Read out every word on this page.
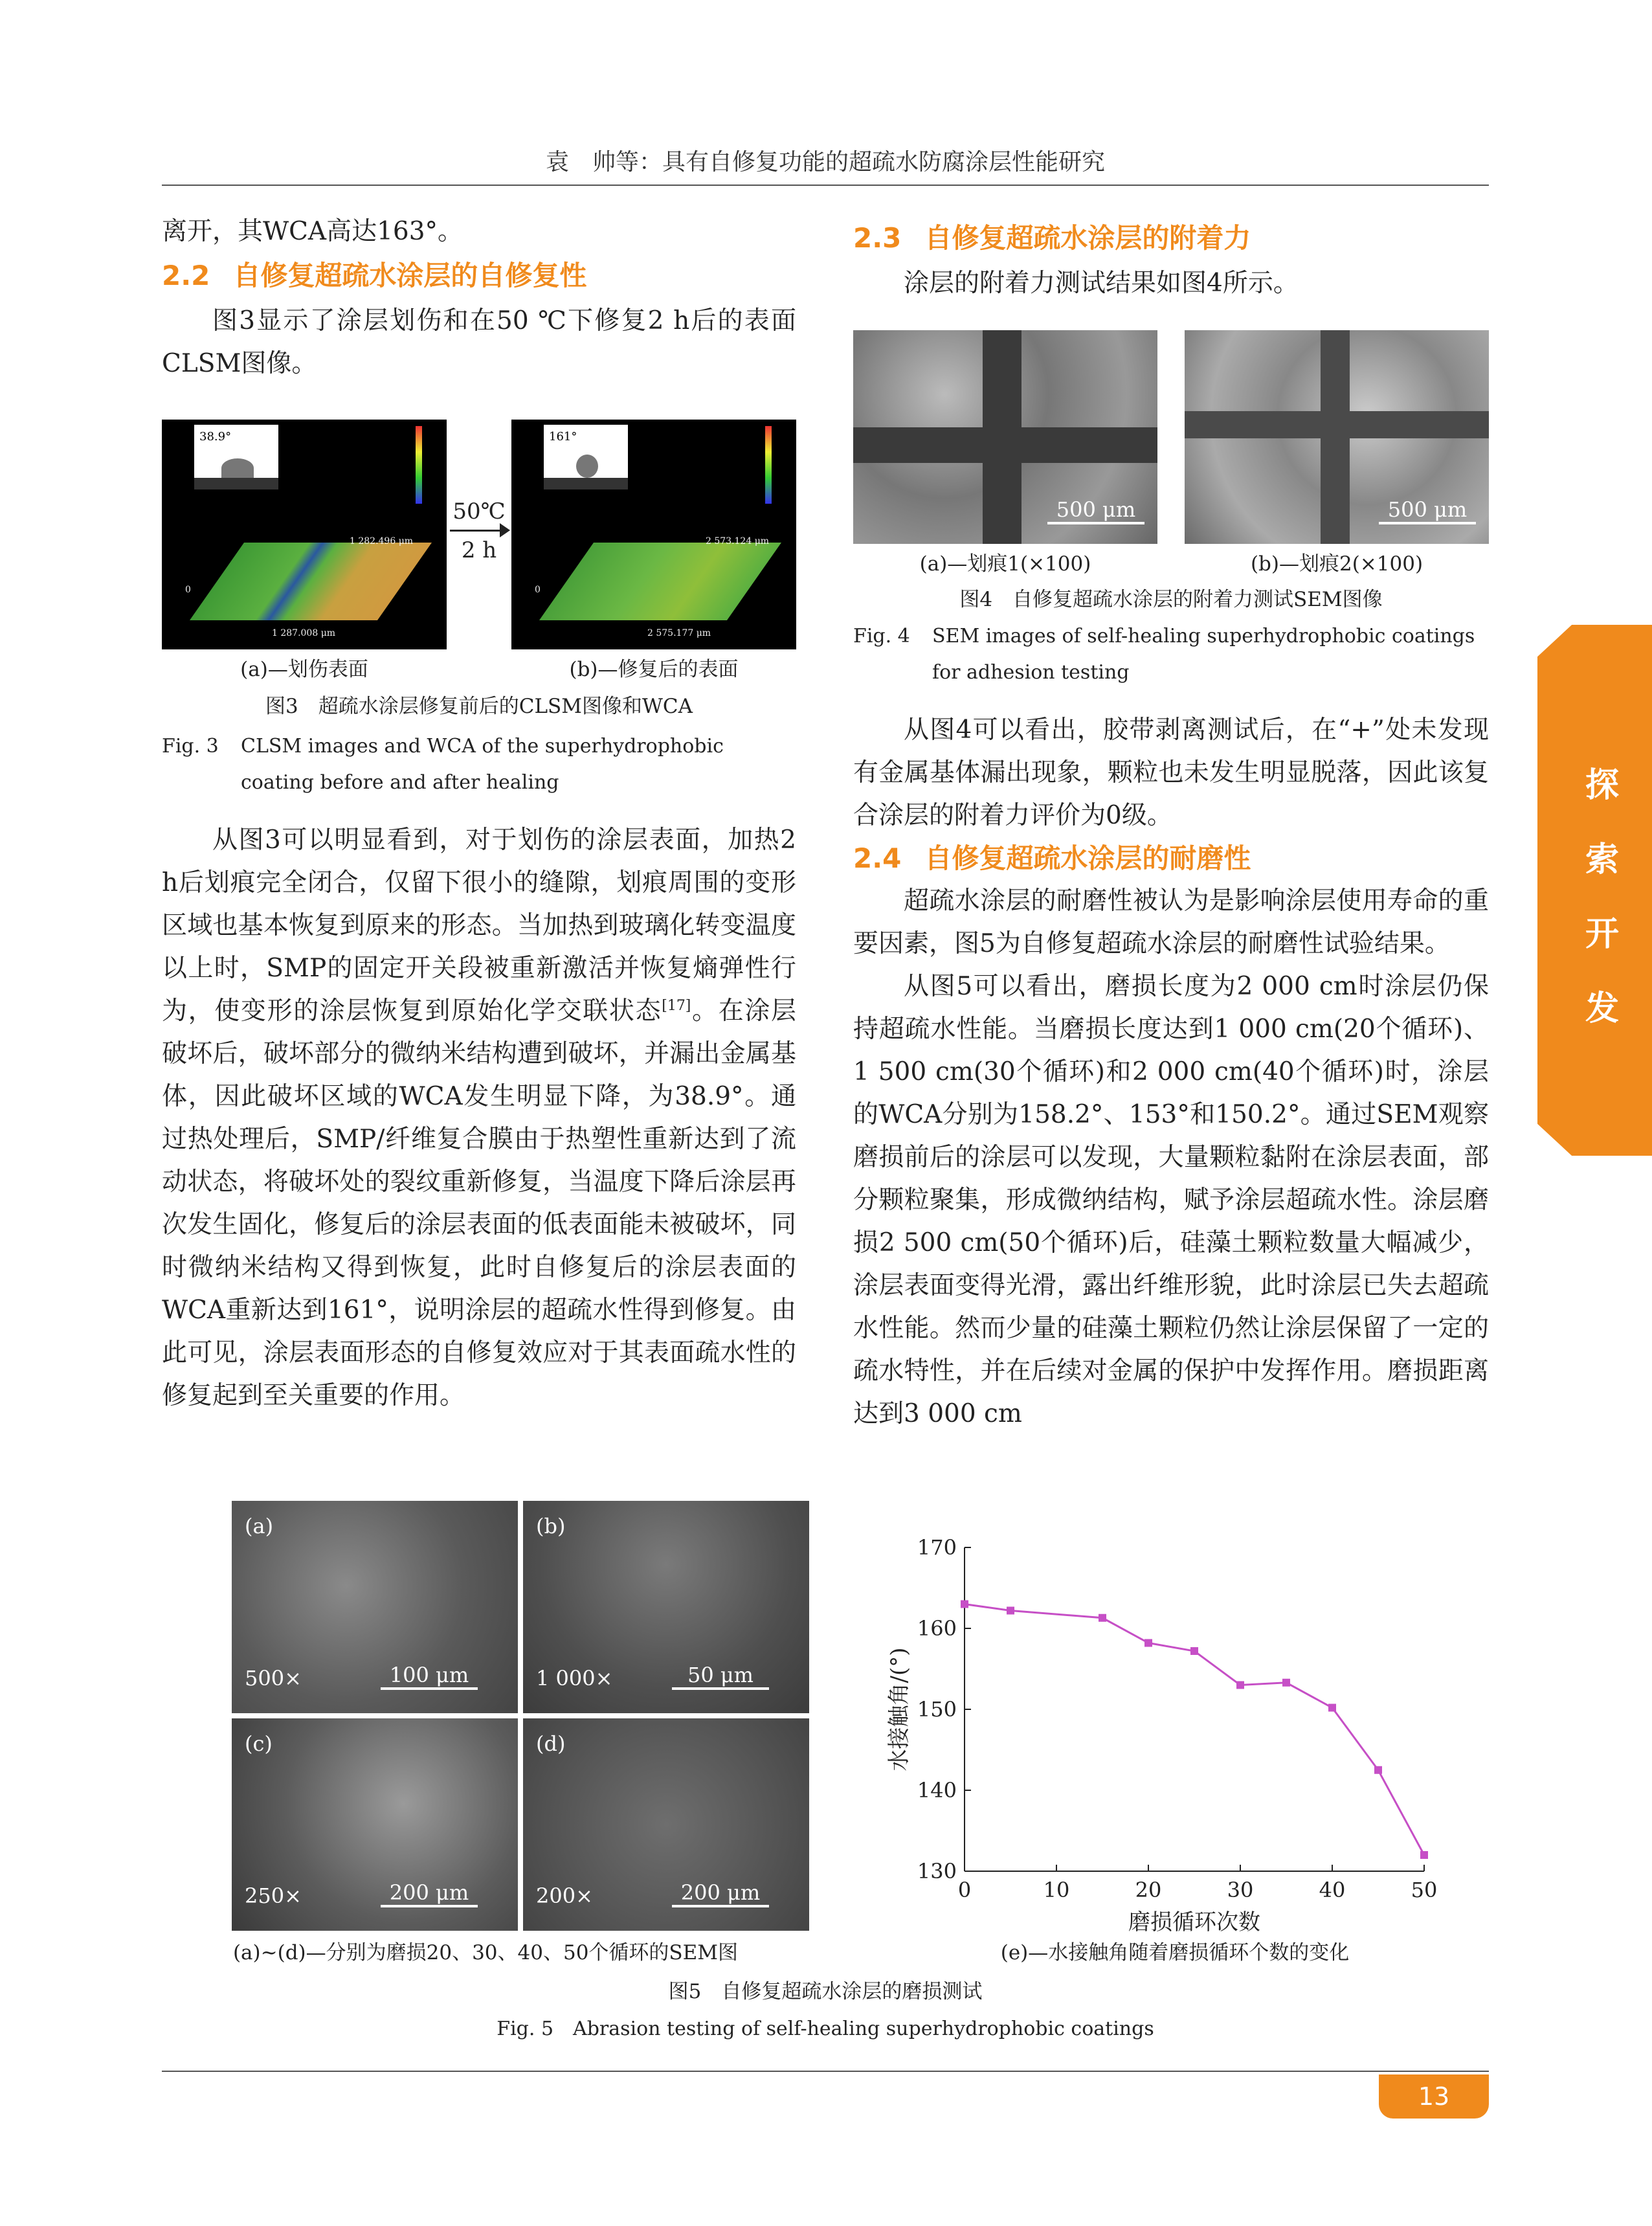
袁　帅等：具有自修复功能的超疏水防腐涂层性能研究
探
索
开
发

离开，其WCA高达163°。

2.2 自修复超疏水涂层的自修复性

图3显示了涂层划伤和在50 ℃下修复2 h后的表面CLSM图像。

38.9°
1 282.496 μm
1 287.008 μm
0
50℃
2 h
161°
2 573.124 μm
2 575.177 μm
0
(a)—划伤表面	(b)—修复后的表面
图3　超疏水涂层修复前后的CLSM图像和WCA
Fig. 3	CLSM images and WCA of the superhydrophobic coating before and after healing

从图3可以明显看到，对于划伤的涂层表面，加热2 h后划痕完全闭合，仅留下很小的缝隙，划痕周围的变形区域也基本恢复到原来的形态。当加热到玻璃化转变温度以上时，SMP的固定开关段被重新激活并恢复熵弹性行为，使变形的涂层恢复到原始化学交联状态[17]。在涂层破坏后，破坏部分的微纳米结构遭到破坏，并漏出金属基体，因此破坏区域的WCA发生明显下降，为38.9°。通过热处理后，SMP/纤维复合膜由于热塑性重新达到了流动状态，将破坏处的裂纹重新修复，当温度下降后涂层再次发生固化，修复后的涂层表面的低表面能未被破坏，同时微纳米结构又得到恢复，此时自修复后的涂层表面的WCA重新达到161°，说明涂层的超疏水性得到修复。由此可见，涂层表面形态的自修复效应对于其表面疏水性的修复起到至关重要的作用。

2.3 自修复超疏水涂层的附着力

涂层的附着力测试结果如图4所示。

500 μm	500 μm
(a)—划痕1(×100)	(b)—划痕2(×100)
图4　自修复超疏水涂层的附着力测试SEM图像
Fig. 4	SEM images of self-healing superhydrophobic coatings for adhesion testing

从图4可以看出，胶带剥离测试后，在“+”处未发现有金属基体漏出现象，颗粒也未发生明显脱落，因此该复合涂层的附着力评价为0级。

2.4 自修复超疏水涂层的耐磨性

超疏水涂层的耐磨性被认为是影响涂层使用寿命的重要因素，图5为自修复超疏水涂层的耐磨性试验结果。

从图5可以看出，磨损长度为2 000 cm时涂层仍保持超疏水性能。当磨损长度达到1 000 cm(20个循环)、1 500 cm(30个循环)和2 000 cm(40个循环)时，涂层的WCA分别为158.2°、153°和150.2°。通过SEM观察磨损前后的涂层可以发现，大量颗粒黏附在涂层表面，部分颗粒聚集，形成微纳结构，赋予涂层超疏水性。涂层磨损2 500 cm(50个循环)后，硅藻土颗粒数量大幅减少，涂层表面变得光滑，露出纤维形貌，此时涂层已失去超疏水性能。然而少量的硅藻土颗粒仍然让涂层保留了一定的疏水特性，并在后续对金属的保护中发挥作用。磨损距离达到3 000 cm

(a)
500×	100 μm
(b)
1 000×	50 μm
(c)
250×	200 μm
(d)
200×	200 μm
130
140
150
160
170
0	10	20	30	40	50
水接触角/(°)
磨损循环次数
(a)~(d)—分别为磨损20、30、40、50个循环的SEM图	(e)—水接触角随着磨损循环个数的变化
图5　自修复超疏水涂层的磨损测试
Fig. 5　Abrasion testing of self-healing superhydrophobic coatings
13
